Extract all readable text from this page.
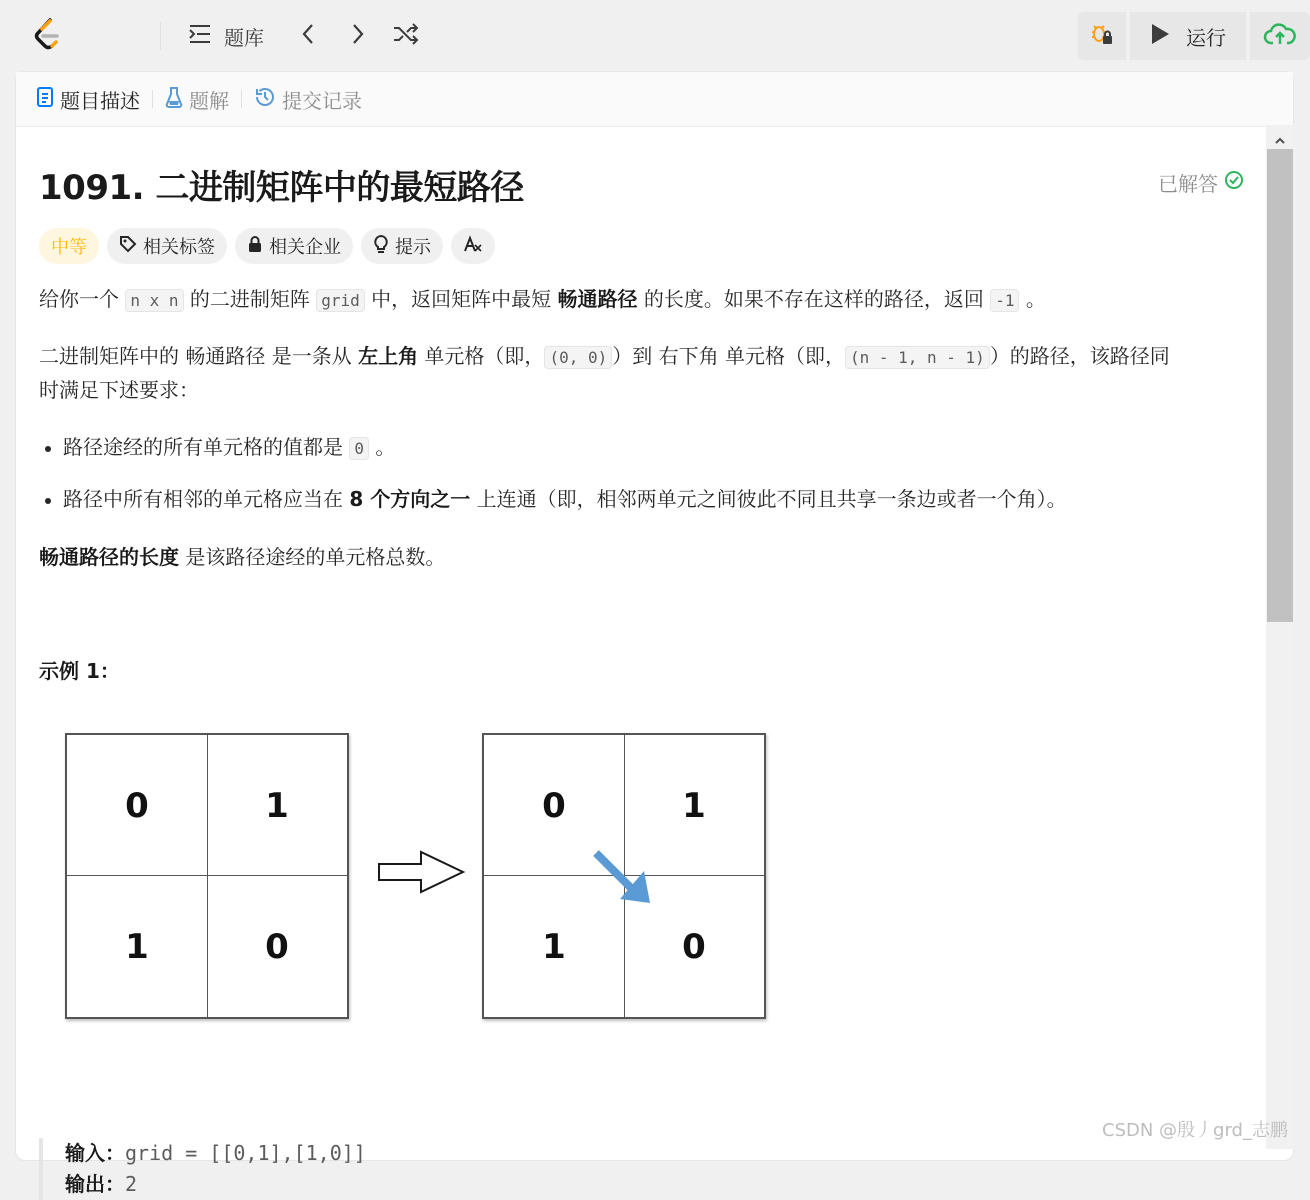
题库	运行
题目描述 题解	提交记录
1091. 二进制矩阵中的最短路径	已解答
中等	相关标签	相关企业	提示
给你一个 n x n 的二进制矩阵 grid 中，返回矩阵中最短 畅通路径 的长度。如果不存在这样的路径，返回 -1 。
二进制矩阵中的 畅通路径 是一条从 左上角 单元格（即， (0, 0) ）到 右下角 单元格（即， (n - 1, n - 1) ）的路径，该路径同
时满足下述要求：
路径途经的所有单元格的值都是 0 。
路径中所有相邻的单元格应当在 8 个方向之一 上连通（即，相邻两单元之间彼此不同且共享一条边或者一个角）。
畅通路径的长度 是该路径途经的单元格总数。
示例 1：
0	1
1	0
0	1
1	0
输入：grid = [[0,1],[1,0]]
输出：2
CSDN @殷丿grd_志鹏
